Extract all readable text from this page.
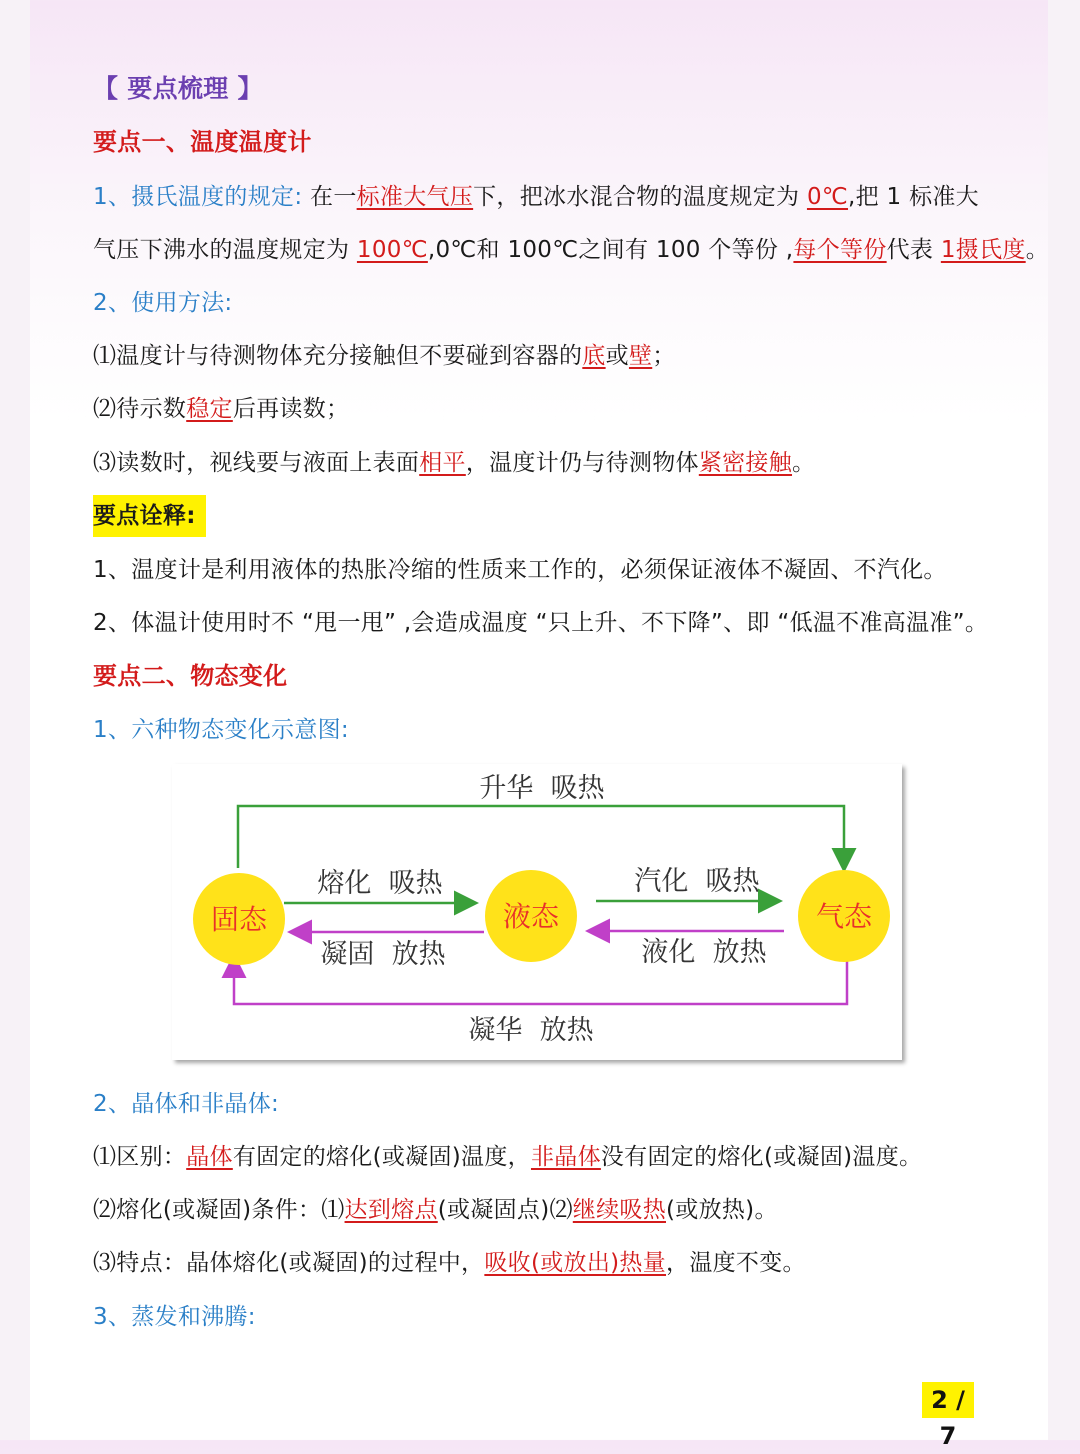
【 要点梳理 】
要点一、温度温度计
1、摄氏温度的规定: 在一标准大气压下，把冰水混合物的温度规定为 0℃,把 1 标准大
气压下沸水的温度规定为 100℃,0℃和 100℃之间有 100 个等份 ,每个等份代表 1摄氏度。
2、使用方法:
⑴温度计与待测物体充分接触但不要碰到容器的底或壁；
⑵待示数稳定后再读数；
⑶读数时，视线要与液面上表面相平，温度计仍与待测物体紧密接触。
要点诠释:
1、温度计是利用液体的热胀冷缩的性质来工作的，必须保证液体不凝固、不汽化。
2、体温计使用时不 “甩一甩” ,会造成温度 “只上升、不下降”、即 “低温不准高温准”。
要点二、物态变化
1、六种物态变化示意图:
固态	液态	气态
升华  吸热
熔化  吸热
凝固  放热
汽化  吸热
液化  放热
凝华  放热
2、晶体和非晶体:
⑴区别：晶体有固定的熔化(或凝固)温度，非晶体没有固定的熔化(或凝固)温度。
⑵熔化(或凝固)条件：⑴达到熔点(或凝固点)⑵继续吸热(或放热)。
⑶特点：晶体熔化(或凝固)的过程中，吸收(或放出)热量，温度不变。
3、蒸发和沸腾:
2 / 7
